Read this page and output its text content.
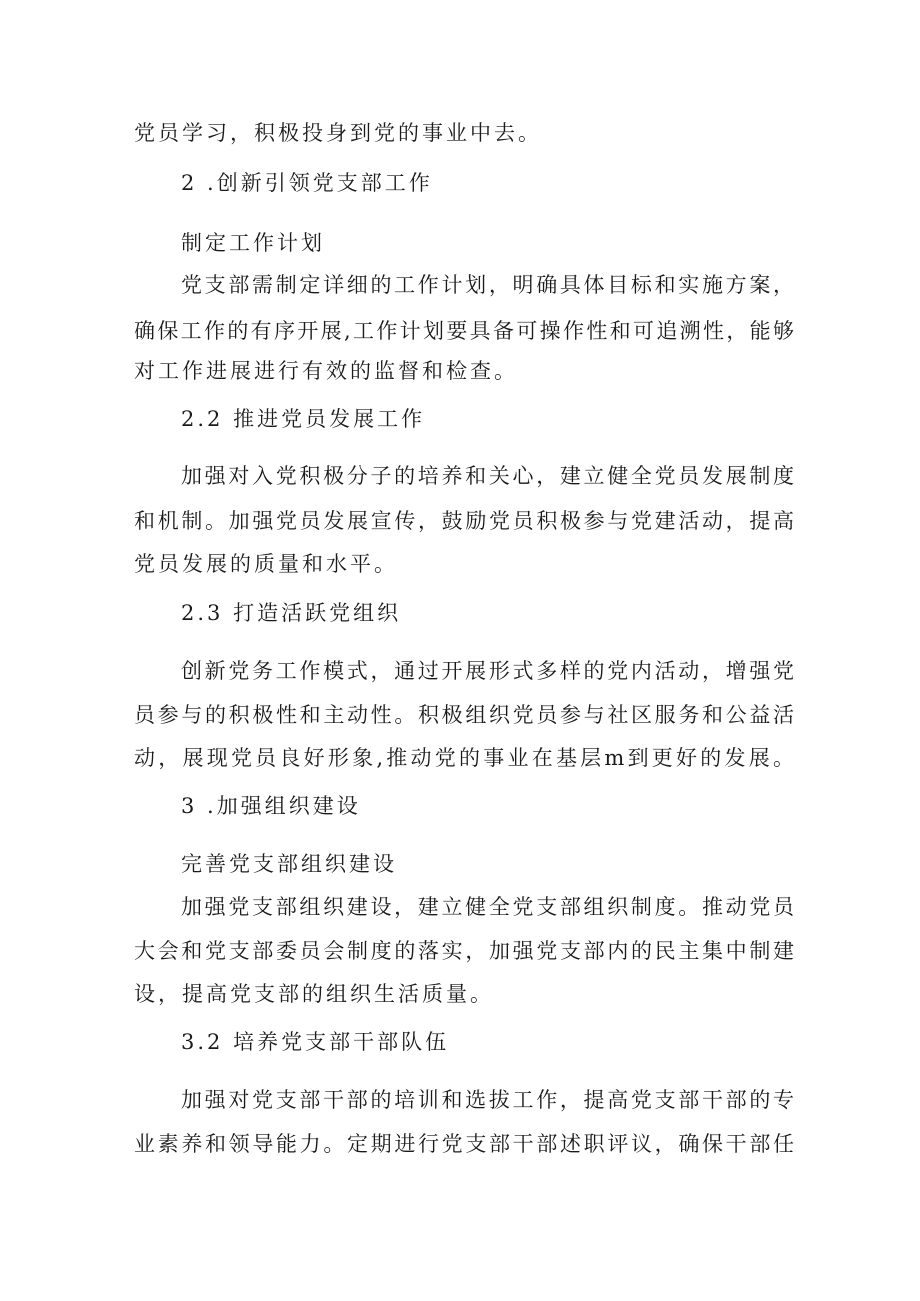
党员学习，积极投身到党的事业中去。
2 .创新引领党支部工作
制定工作计划
党支部需制定详细的工作计划，明确具体目标和实施方案，
确保工作的有序开展,工作计划要具备可操作性和可追溯性，能够
对工作进展进行有效的监督和检查。
2.2 推进党员发展工作
加强对入党积极分子的培养和关心，建立健全党员发展制度
和机制。加强党员发展宣传，鼓励党员积极参与党建活动，提高
党员发展的质量和水平。
2.3 打造活跃党组织
创新党务工作模式，通过开展形式多样的党内活动，增强党
员参与的积极性和主动性。积极组织党员参与社区服务和公益活
动，展现党员良好形象,推动党的事业在基层m到更好的发展。
3 .加强组织建设
完善党支部组织建设
加强党支部组织建设，建立健全党支部组织制度。推动党员
大会和党支部委员会制度的落实，加强党支部内的民主集中制建
设，提高党支部的组织生活质量。
3.2 培养党支部干部队伍
加强对党支部干部的培训和选拔工作，提高党支部干部的专
业素养和领导能力。定期进行党支部干部述职评议，确保干部任
